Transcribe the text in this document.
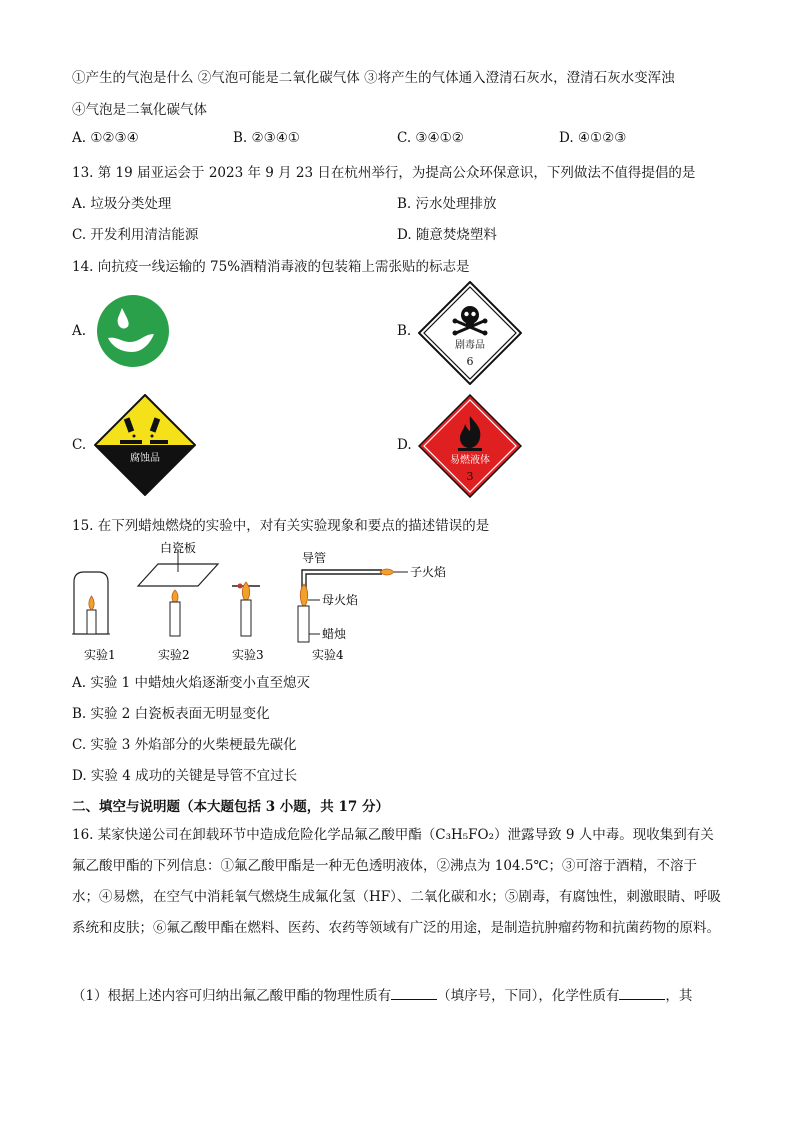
①产生的气泡是什么 ②气泡可能是二氧化碳气体 ③将产生的气体通入澄清石灰水，澄清石灰水变浑浊
④气泡是二氧化碳气体
A. ①②③④	B. ②③④①	C. ③④①②	D. ④①②③
13. 第 19 届亚运会于 2023 年 9 月 23 日在杭州举行，为提高公众环保意识，下列做法不值得提倡的是
A. 垃圾分类处理	B. 污水处理排放
C. 开发利用清洁能源	D. 随意焚烧塑料
14. 向抗疫一线运输的 75%酒精消毒液的包装箱上需张贴的标志是
A.	B.
C.	D.
剧毒品
6
腐蚀品	易燃液体
3
15. 在下列蜡烛燃烧的实验中，对有关实验现象和要点的描述错误的是
实验1
白瓷板
实验2	实验3
导管
子火焰
母火焰
蜡烛
实验4
A. 实验 1 中蜡烛火焰逐渐变小直至熄灭
B. 实验 2 白瓷板表面无明显变化
C. 实验 3 外焰部分的火柴梗最先碳化
D. 实验 4 成功的关键是导管不宜过长
二、填空与说明题（本大题包括 3 小题，共 17 分）
16. 某家快递公司在卸载环节中造成危险化学品氟乙酸甲酯（C₃H₅FO₂）泄露导致 9 人中毒。现收集到有关氟乙酸甲酯的下列信息：①氟乙酸甲酯是一种无色透明液体，②沸点为 104.5℃；③可溶于酒精，不溶于水；④易燃，在空气中消耗氧气燃烧生成氟化氢（HF）、二氧化碳和水；⑤剧毒，有腐蚀性，刺激眼睛、呼吸系统和皮肤；⑥氟乙酸甲酯在燃料、医药、农药等领域有广泛的用途，是制造抗肿瘤药物和抗菌药物的原料。
（1）根据上述内容可归纳出氟乙酸甲酯的物理性质有	（填序号，下同），化学性质有	，其
